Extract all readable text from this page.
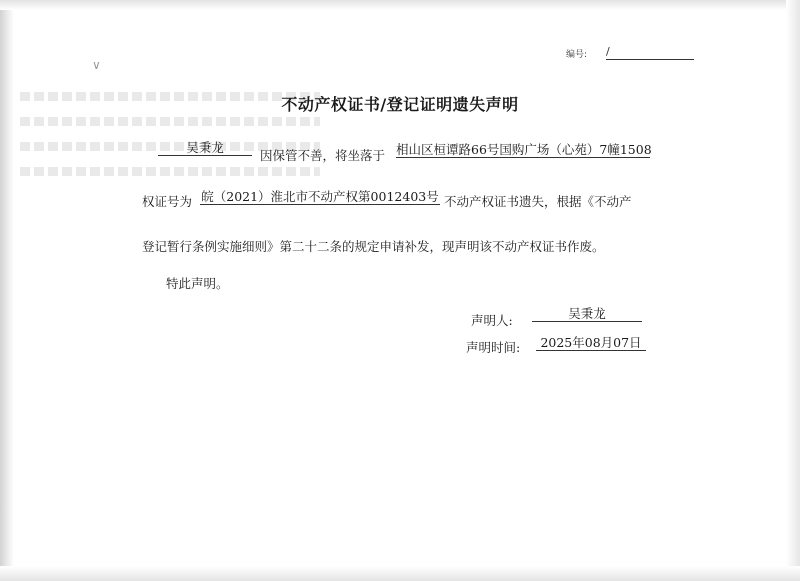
∨
编号: /
不动产权证书/登记证明遗失声明
吴秉龙
因保管不善，将坐落于 相山区桓谭路66号国购广场（心苑）7幢1508
权证号为 皖（2021）淮北市不动产权第0012403号 不动产权证书遗失，根据《不动产
登记暂行条例实施细则》第二十二条的规定申请补发，现声明该不动产权证书作废。
特此声明。
声明人:	吴秉龙
声明时间:	2025年08月07日
